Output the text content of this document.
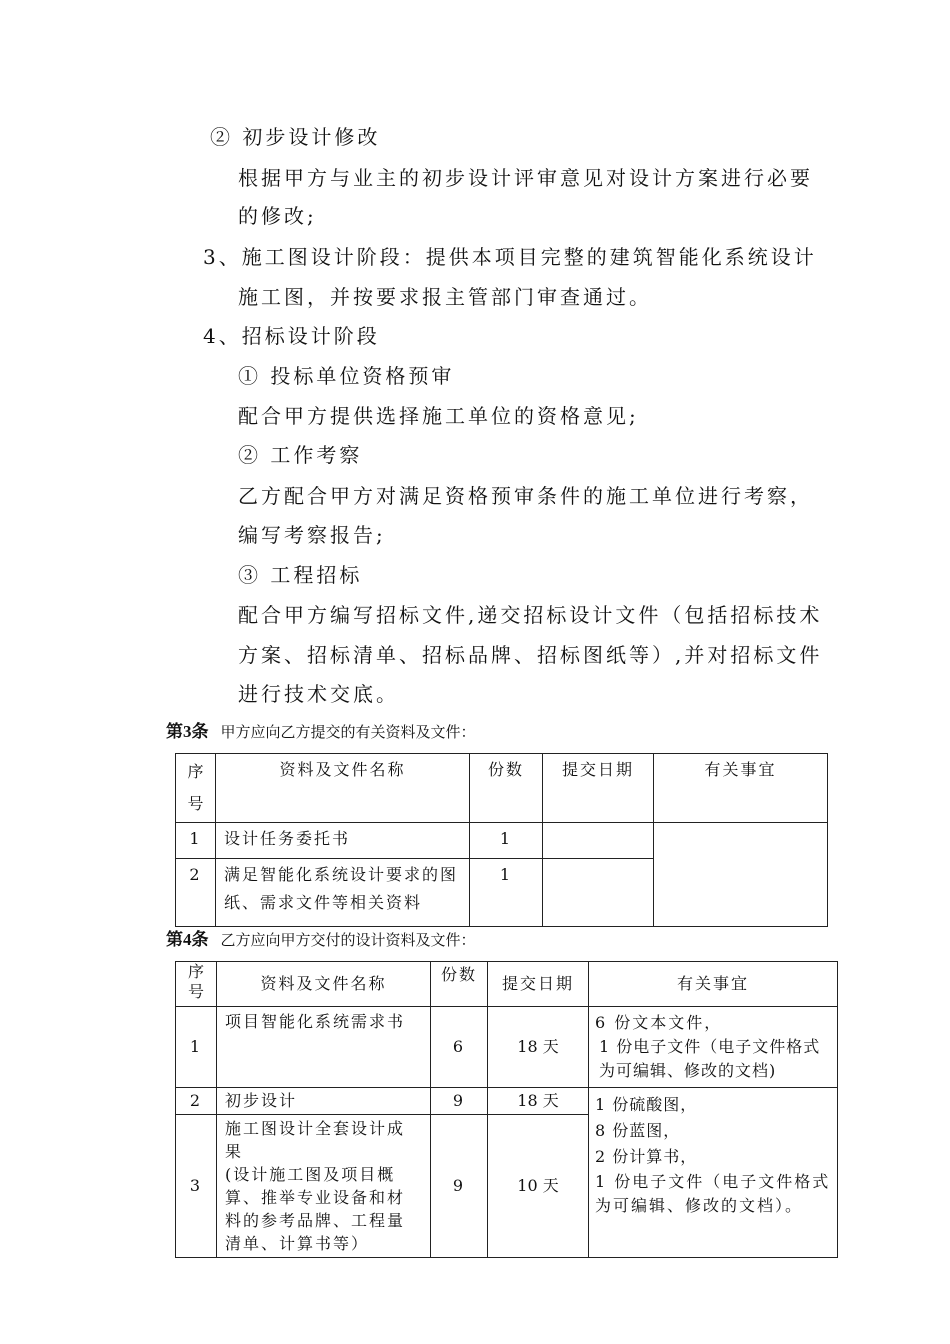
② 初步设计修改
根据甲方与业主的初步设计评审意见对设计方案进行必要
的修改;
3、施工图设计阶段：提供本项目完整的建筑智能化系统设计
施工图，并按要求报主管部门审查通过。
4、招标设计阶段
① 投标单位资格预审
配合甲方提供选择施工单位的资格意见;
② 工作考察
乙方配合甲方对满足资格预审条件的施工单位进行考察，
编写考察报告;
③ 工程招标
配合甲方编写招标文件,递交招标设计文件（包括招标技术
方案、招标清单、招标品牌、招标图纸等）,并对招标文件
进行技术交底。
第3条 甲方应向乙方提交的有关资料及文件：
序号	资料及文件名称	份数	提交日期	有关事宜

1	设计任务委托书	1		

2	满足智能化系统设计要求的图纸、需求文件等相关资料	1		

第4条 乙方应向甲方交付的设计资料及文件：
序
号	资料及文件名称	份数	提交日期	有关事宜

1	项目智能化系统需求书	6	18 天	6 份文本文件，
1 份电子文件（电子文件格式为可编辑、修改的文档)

2	初步设计	9	18 天	1 份硫酸图，
8 份蓝图，
2 份计算书，
1 份电子文件（电子文件格式为可编辑、修改的文档）。

3	施工图设计全套设计成果
(设计施工图及项目概算、推举专业设备和材料的参考品牌、工程量清单、计算书等）	9	10 天	
